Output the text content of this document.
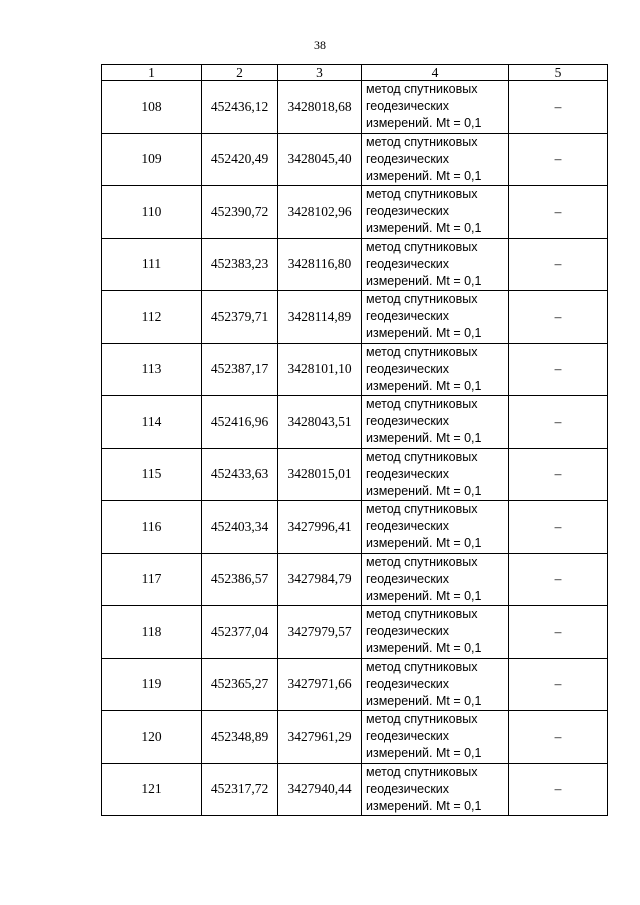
38
1	2	3	4	5
108	452436,12	3428018,68	метод спутниковых
геодезических
измерений. Mt = 0,1	–
109	452420,49	3428045,40	метод спутниковых
геодезических
измерений. Mt = 0,1	–
110	452390,72	3428102,96	метод спутниковых
геодезических
измерений. Mt = 0,1	–
111	452383,23	3428116,80	метод спутниковых
геодезических
измерений. Mt = 0,1	–
112	452379,71	3428114,89	метод спутниковых
геодезических
измерений. Mt = 0,1	–
113	452387,17	3428101,10	метод спутниковых
геодезических
измерений. Mt = 0,1	–
114	452416,96	3428043,51	метод спутниковых
геодезических
измерений. Mt = 0,1	–
115	452433,63	3428015,01	метод спутниковых
геодезических
измерений. Mt = 0,1	–
116	452403,34	3427996,41	метод спутниковых
геодезических
измерений. Mt = 0,1	–
117	452386,57	3427984,79	метод спутниковых
геодезических
измерений. Mt = 0,1	–
118	452377,04	3427979,57	метод спутниковых
геодезических
измерений. Mt = 0,1	–
119	452365,27	3427971,66	метод спутниковых
геодезических
измерений. Mt = 0,1	–
120	452348,89	3427961,29	метод спутниковых
геодезических
измерений. Mt = 0,1	–
121	452317,72	3427940,44	метод спутниковых
геодезических
измерений. Mt = 0,1	–
